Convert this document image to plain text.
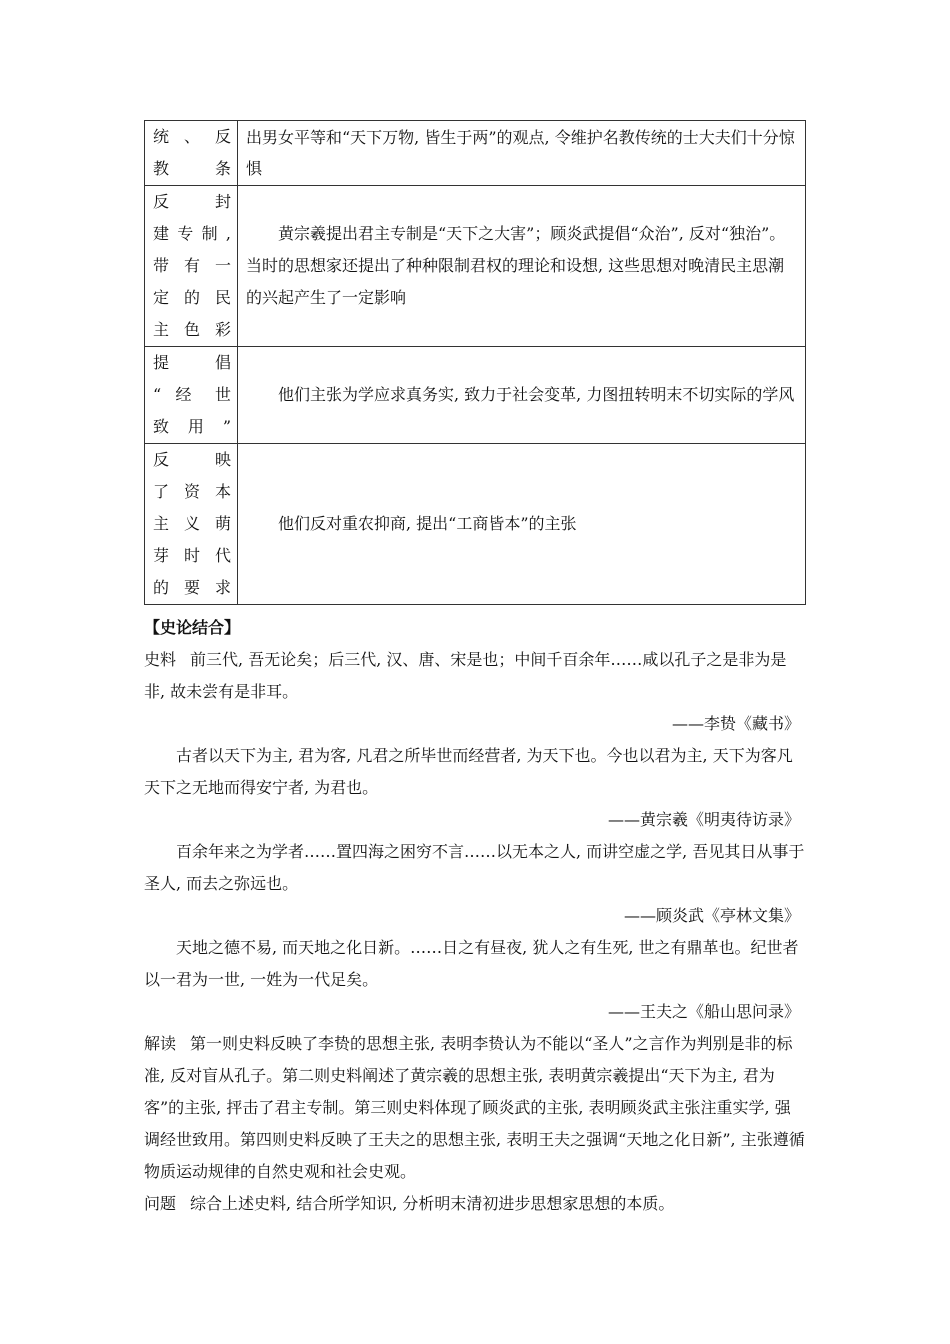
统 、 反
教条	出男女平等和“天下万物, 皆生于两”的观点, 令维护名教传统的士大夫们十分惊惧

反 封
建专制,
带 有 一
定 的 民
主色彩	黄宗羲提出君主专制是“天下之大害”；顾炎武提倡“众治”, 反对“独治”。当时的思想家还提出了种种限制君权的理论和设想, 这些思想对晚清民主思潮的兴起产生了一定影响

提 倡
“ 经 世
致用”	他们主张为学应求真务实, 致力于社会变革, 力图扭转明末不切实际的学风

反 映
了 资 本
主 义 萌
芽 时 代
的要求	他们反对重农抑商, 提出“工商皆本”的主张
【史论结合】

史料 前三代, 吾无论矣；后三代, 汉、唐、宋是也；中间千百余年……咸以孔子之是非为是非, 故未尝有是非耳。

——李贽《藏书》

古者以天下为主, 君为客, 凡君之所毕世而经营者, 为天下也。今也以君为主, 天下为客凡天下之无地而得安宁者, 为君也。

——黄宗羲《明夷待访录》

百余年来之为学者……置四海之困穷不言……以无本之人, 而讲空虚之学, 吾见其日从事于圣人, 而去之弥远也。

——顾炎武《亭林文集》

天地之德不易, 而天地之化日新。……日之有昼夜, 犹人之有生死, 世之有鼎革也。纪世者以一君为一世, 一姓为一代足矣。

——王夫之《船山思问录》

解读 第一则史料反映了李贽的思想主张, 表明李贽认为不能以“圣人”之言作为判别是非的标准, 反对盲从孔子。第二则史料阐述了黄宗羲的思想主张, 表明黄宗羲提出“天下为主, 君为客”的主张, 抨击了君主专制。第三则史料体现了顾炎武的主张, 表明顾炎武主张注重实学, 强调经世致用。第四则史料反映了王夫之的思想主张, 表明王夫之强调“天地之化日新”, 主张遵循物质运动规律的自然史观和社会史观。

问题 综合上述史料, 结合所学知识, 分析明末清初进步思想家思想的本质。
